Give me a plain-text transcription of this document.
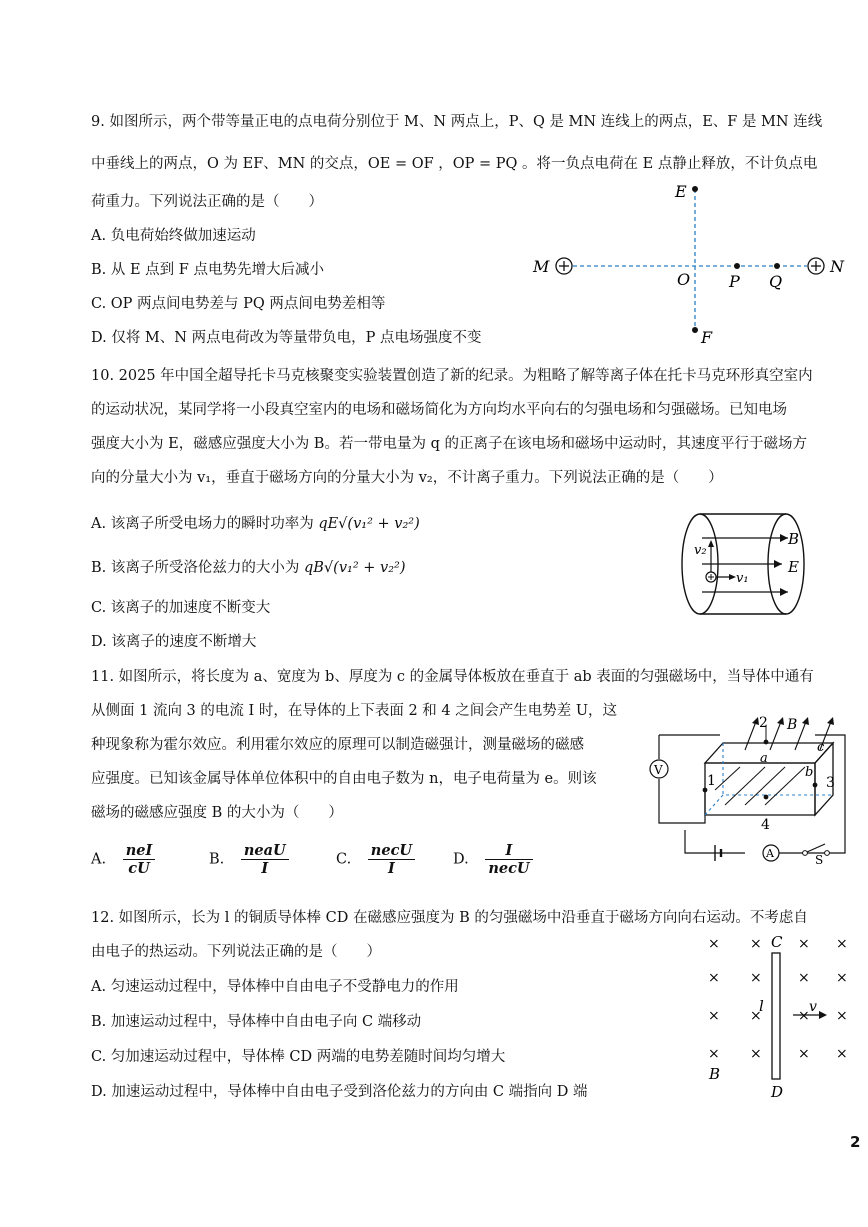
9. 如图所示，两个带等量正电的点电荷分别位于 M、N 两点上，P、Q 是 MN 连线上的两点，E、F 是 MN 连线
中垂线上的两点，O 为 EF、MN 的交点，OE = OF ，OP = PQ 。将一负点电荷在 E 点静止释放，不计负点电
荷重力。下列说法正确的是（　　）
A. 负电荷始终做加速运动
B. 从 E 点到 F 点电势先增大后减小
C. OP 两点间电势差与 PQ 两点间电势差相等
D. 仅将 M、N 两点电荷改为等量带负电，P 点电场强度不变
E
F
M	N
O P Q
10. 2025 年中国全超导托卡马克核聚变实验装置创造了新的纪录。为粗略了解等离子体在托卡马克环形真空室内
的运动状况，某同学将一小段真空室内的电场和磁场简化为方向均水平向右的匀强电场和匀强磁场。已知电场
强度大小为 E，磁感应强度大小为 B。若一带电量为 q 的正离子在该电场和磁场中运动时，其速度平行于磁场方
向的分量大小为 v₁，垂直于磁场方向的分量大小为 v₂，不计离子重力。下列说法正确的是（　　）
A. 该离子所受电场力的瞬时功率为 qE√(v₁² + v₂²)
B. 该离子所受洛伦兹力的大小为 qB√(v₁² + v₂²)
C. 该离子的加速度不断变大
D. 该离子的速度不断增大
v₂
v₁
B
E
11. 如图所示，将长度为 a、宽度为 b、厚度为 c 的金属导体板放在垂直于 ab 表面的匀强磁场中，当导体中通有
从侧面 1 流向 3 的电流 I 时，在导体的上下表面 2 和 4 之间会产生电势差 U，这
种现象称为霍尔效应。利用霍尔效应的原理可以制造磁强计，测量磁场的磁感
应强度。已知该金属导体单位体积中的自由电子数为 n，电子电荷量为 e。则该
磁场的磁感应强度 B 的大小为（　　）
A. $\frac{\text{neI}}{cU}$	B. $\frac{\text{neaU}}{I}$	C. $\frac{\text{necU}}{I}$	D. $\frac{I}{\text{necU}}$
V
A	S
2
4
1	3
a
b
c
B
12. 如图所示，长为 l 的铜质导体棒 CD 在磁感应强度为 B 的匀强磁场中沿垂直于磁场方向向右运动。不考虑自
由电子的热运动。下列说法正确的是（　　）
A. 匀速运动过程中，导体棒中自由电子不受静电力的作用
B. 加速运动过程中，导体棒中自由电子向 C 端移动
C. 匀加速运动过程中，导体棒 CD 两端的电势差随时间均匀增大
D. 加速运动过程中，导体棒中自由电子受到洛伦兹力的方向由 C 端指向 D 端
C
D
l	v
B
× ×	× ×
× ×	× ×
× ×	× ×
×	× ×
×
2
